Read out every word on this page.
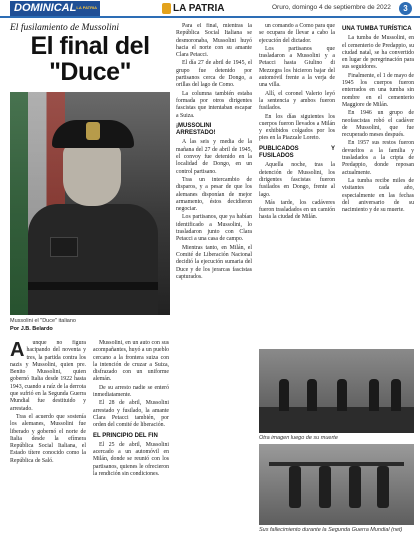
DOMINICAL LA PATRIA	LA PATRIA	Oruro, domingo 4 de septiembre de 2022	3
El fusilamiento de Mussolini
El final del "Duce"
Mussolini el "Duce" italiano
Por J.B. Belardo
A	unque no figura hacipando del noventa y tres, la partida contra los nazis y Mussolini, quien pre. Benito Mussolini, quien gobernó Italia desde 1922 hasta 1943, cuando a raíz de la derrota que sufrió en la Segunda Guerra Mundial fue destituido y arrestado.

Tras el acuerdo que sostenía los alemanes, Mussolini fue liberado y gobernó el norte de Italia desde la efímera República Social Italiana, el Estado títere conocido como la República de Saló.

Mussolini, en un auto con sus acompañantes, huyó a un pueblo cercano a la frontera suiza con la intención de cruzar a Suiza, disfrazado con un uniforme alemán.

De su arresto nadie se enteró inmediatamente.

El 28 de abril, Mussolini arrestado y fusilado, la amante Clara Petacci también, por orden del comité de liberación.

EL PRINCIPIO DEL FIN

El 25 de abril, Mussolini acercado a un automóvil en Milán, donde se reunió con los partisanos, quienes le ofrecieron la rendición sin condiciones.

Para el final, mientras la República Social Italiana se desmoronaba, Mussolini huyó hacia el norte con su amante Clara Petacci.

El día 27 de abril de 1945, el grupo fue detenido por partisanos cerca de Dongo, a orillas del lago de Como.

La columna también estaba formada por otros dirigentes fascistas que intentaban escapar a Suiza.

¡MUSSOLINI ARRESTADO!

A las seis y media de la mañana del 27 de abril de 1945, el convoy fue detenido en la localidad de Dongo, en un control partisano.

Tras un intercambio de disparos, y a pesar de que los alemanes disponían de mejor armamento, éstos decidieron negociar.

Los partisanos, que ya habían identificado a Mussolini, lo trasladaron junto con Clara Petacci a una casa de campo.

Mientras tanto, en Milán, el Comité de Liberación Nacional decidió la ejecución sumaria del Duce y de los jerarcas fascistas capturados.

un comando a Como para que se ocupara de llevar a cabo la ejecución del dictador.

Los partisanos que trasladaron a Mussolini y a Petacci hasta Giulino di Mezzegra los hicieron bajar del automóvil frente a la verja de una villa.

Allí, el coronel Valerio leyó la sentencia y ambos fueron fusilados.

En los días siguientes los cuerpos fueron llevados a Milán y exhibidos colgados por los pies en la Piazzale Loreto.

PUBLICADOS Y FUSILADOS

Aquella noche, tras la detención de Mussolini, los dirigentes fascistas fueron fusilados en Dongo, frente al lago.

Más tarde, los cadáveres fueron trasladados en un camión hasta la ciudad de Milán.

UNA TUMBA TURÍSTICA

La tumba de Mussolini, en el cementerio de Predappio, su ciudad natal, se ha convertido en lugar de peregrinación para sus seguidores.

Finalmente, el 1 de mayo de 1945 los cuerpos fueron enterrados en una tumba sin nombre en el cementerio Maggiore de Milán.

En 1946 un grupo de neofascistas robó el cadáver de Mussolini, que fue recuperado meses después.

En 1957 sus restos fueron devueltos a la familia y trasladados a la cripta de Predappio, donde reposan actualmente.

La tumba recibe miles de visitantes cada año, especialmente en las fechas del aniversario de su nacimiento y de su muerte.

Otra imagen luego de su muerte
Sus fallecimiento durante la Segunda Guerra Mundial (net)
